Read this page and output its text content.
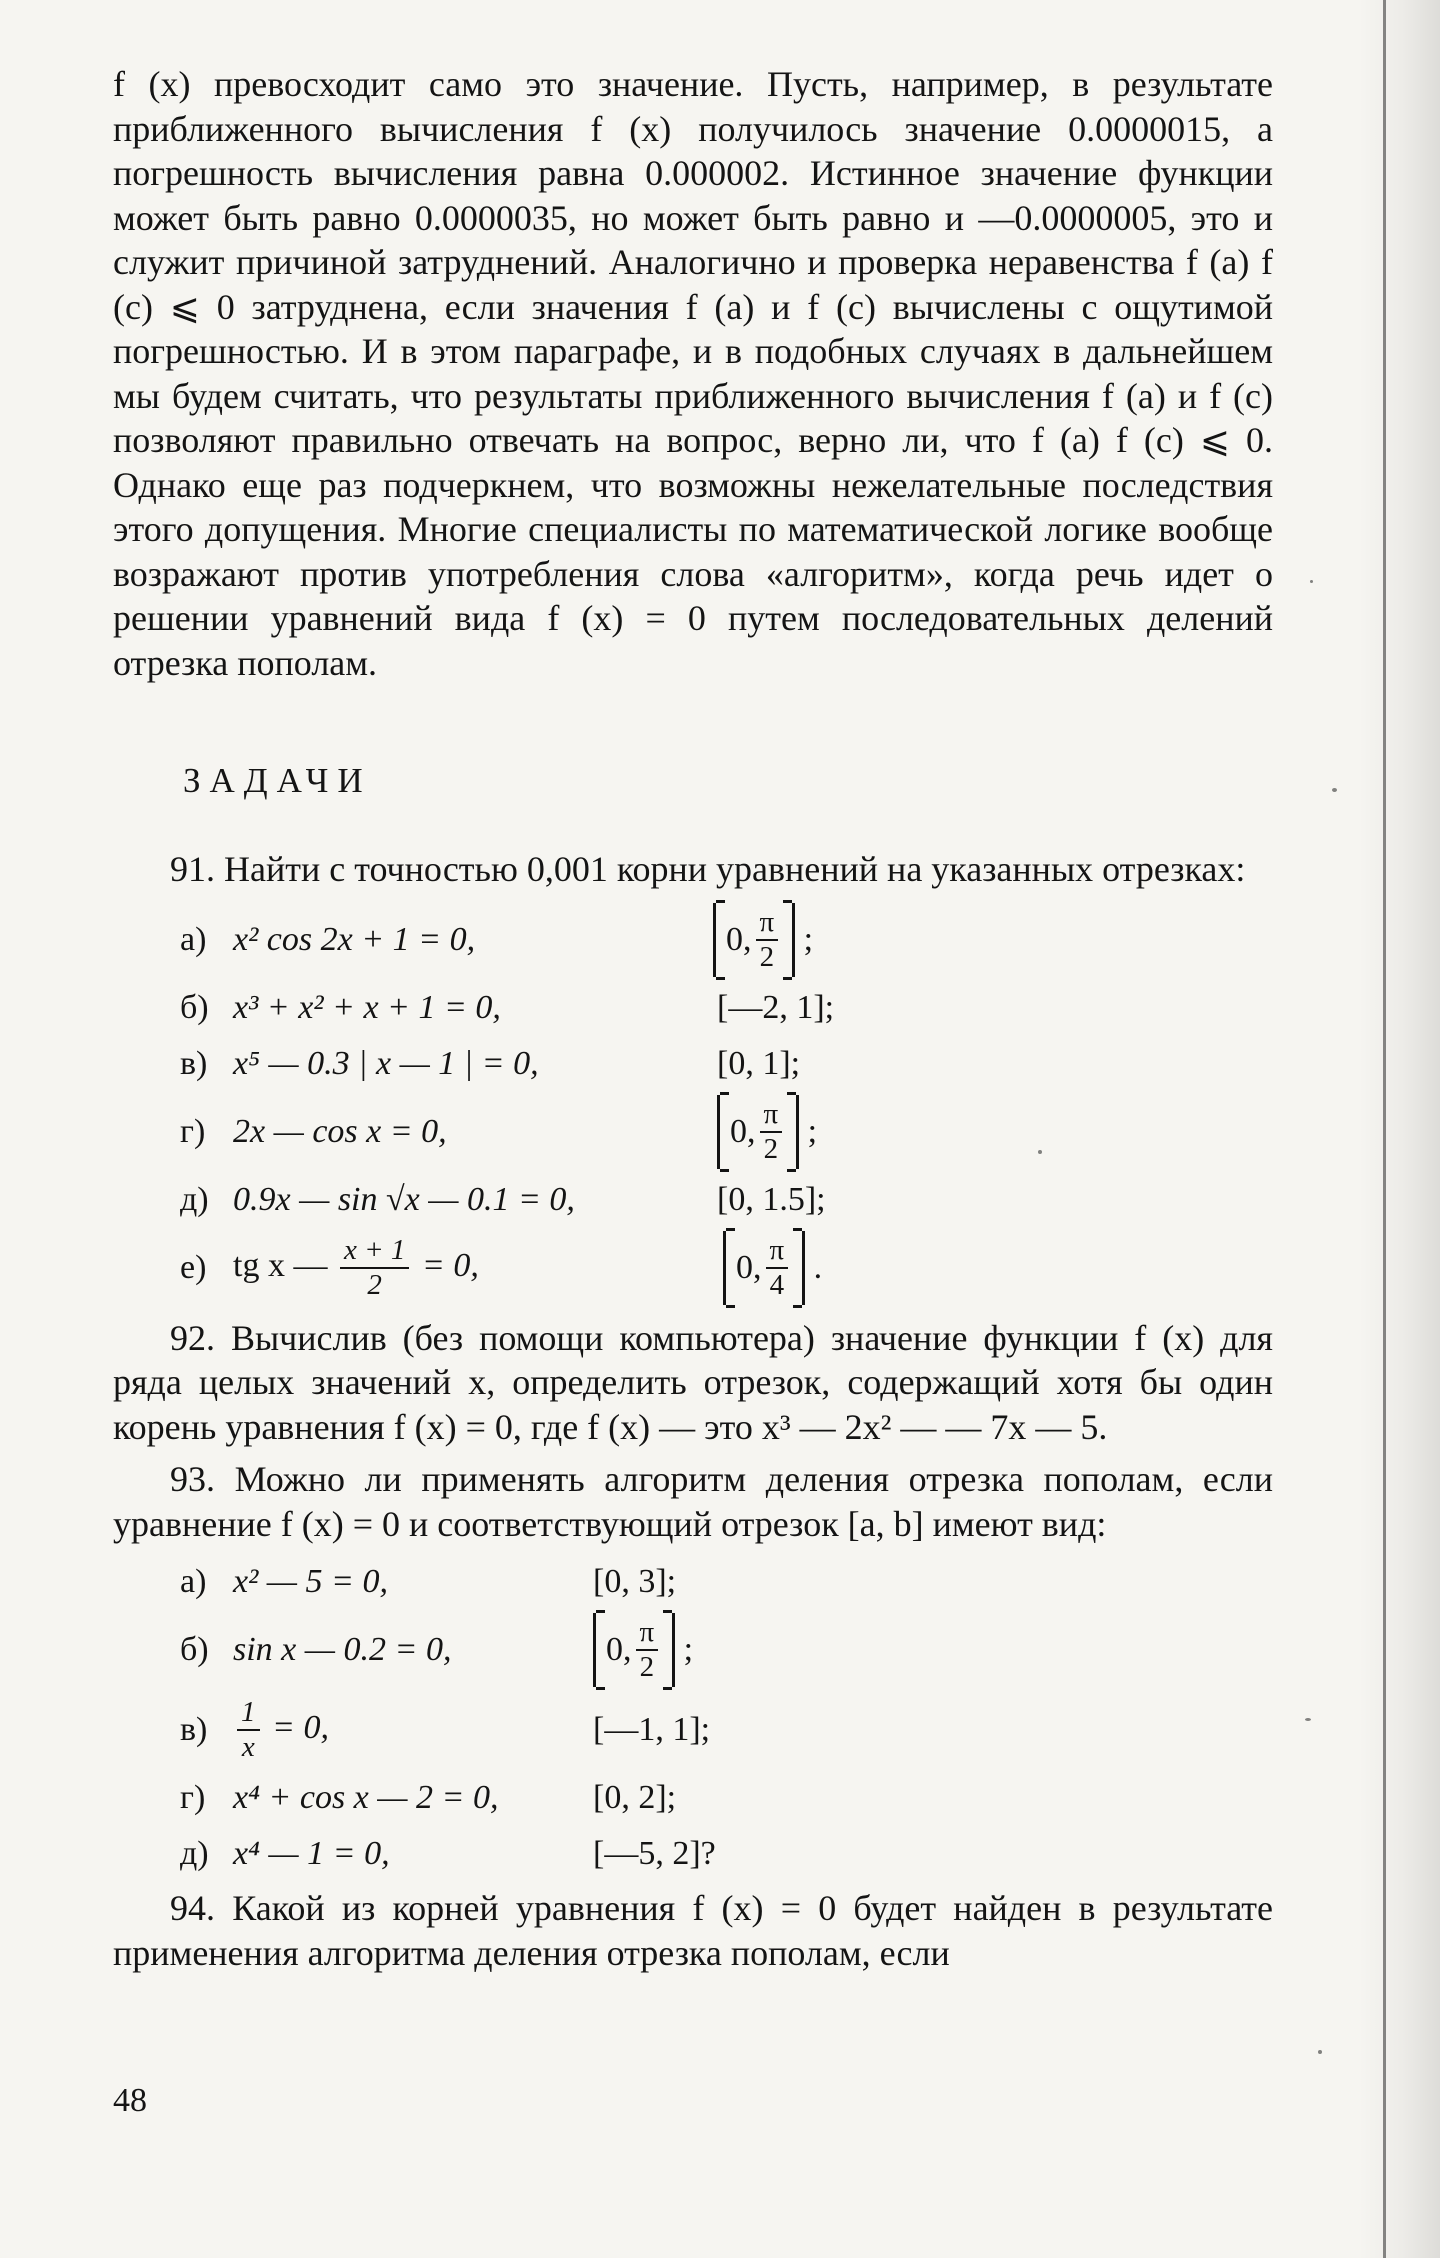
f (x) превосходит само это значение. Пусть, например, в результате приближенного вычисления f (x) получилось значение 0.0000015, а погрешность вычисления равна 0.000002. Истинное значение функции может быть равно 0.0000035, но может быть равно и —0.0000005, это и служит причиной затруднений. Аналогично и проверка неравенства f (a) f (c) ⩽ 0 затруднена, если значения f (a) и f (c) вычислены с ощутимой погрешностью. И в этом параграфе, и в подобных случаях в дальнейшем мы будем считать, что результаты приближенного вычисления f (a) и f (c) позволяют правильно отвечать на вопрос, верно ли, что f (a) f (c) ⩽ 0. Однако еще раз подчеркнем, что возможны нежелательные последствия этого допущения. Многие специалисты по математической логике вообще возражают против употребления слова «алгоритм», когда речь идет о решении уравнений вида f (x) = 0 путем последовательных делений отрезка пополам.

ЗАДАЧИ

91. Найти с точностью 0,001 корни уравнений на указанных отрезках:

а) x² cos 2x + 1 = 0,	0, $\frac{\pi}{2}$ ;
б) x³ + x² + x + 1 = 0,	[—2, 1];
в) x⁵ — 0.3 | x — 1 | = 0,	[0, 1];
г) 2x — cos x = 0,	0, $\frac{\pi}{2}$ ;
д) 0.9x — sin √x — 0.1 = 0,	[0, 1.5];
е) tg x — $\frac{x + 1}{2} = 0$,	0, $\frac{\pi}{4}$ .

92. Вычислив (без помощи компьютера) значение функции f (x) для ряда целых значений x, определить отрезок, содержащий хотя бы один корень уравнения f (x) = 0, где f (x) — это x³ — 2x² — — 7x — 5.

93. Можно ли применять алгоритм деления отрезка пополам, если уравнение f (x) = 0 и соответствующий отрезок [a, b] имеют вид:

а) x² — 5 = 0,	[0, 3];
б) sin x — 0.2 = 0,	0, $\frac{\pi}{2}$ ;
$в) \frac{1}{x} = 0$,	[—1, 1];
г) x⁴ + cos x — 2 = 0,	[0, 2];
д) x⁴ — 1 = 0,	[—5, 2]?

94. Какой из корней уравнения f (x) = 0 будет найден в результате применения алгоритма деления отрезка пополам, если

48
